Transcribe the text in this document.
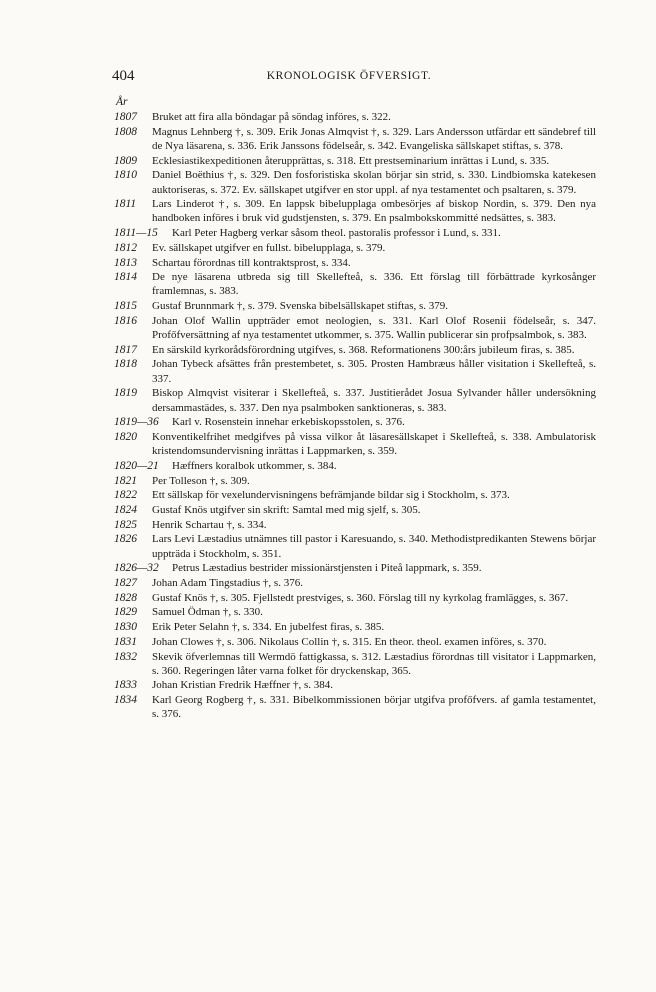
404	KRONOLOGISK ÖFVERSIGT.
År
1807 Bruket att fira alla böndagar på söndag införes, s. 322.
1808 Magnus Lehnberg †, s. 309. Erik Jonas Almqvist †, s. 329. Lars Andersson utfärdar ett sändebref till de Nya läsarena, s. 336. Erik Janssons födelseår, s. 342. Evangeliska sällskapet stiftas, s. 378.
1809 Ecklesiastikexpeditionen återupprättas, s. 318. Ett prestseminarium inrättas i Lund, s. 335.
1810 Daniel Boëthius †, s. 329. Den fosforistiska skolan börjar sin strid, s. 330. Lindbiomska katekesen auktoriseras, s. 372. Ev. sällskapet utgifver en stor uppl. af nya testamentet och psaltaren, s. 379.
1811 Lars Linderot †, s. 309. En lappsk bibelupplaga ombesörjes af biskop Nordin, s. 379. Den nya handboken införes i bruk vid gudstjensten, s. 379. En psalmbokskommitté nedsättes, s. 383.
1811—15 Karl Peter Hagberg verkar såsom theol. pastoralis professor i Lund, s. 331.
1812 Ev. sällskapet utgifver en fullst. bibelupplaga, s. 379.
1813 Schartau förordnas till kontraktsprost, s. 334.
1814 De nye läsarena utbreda sig till Skellefteå, s. 336. Ett förslag till förbättrade kyrkosånger framlemnas, s. 383.
1815 Gustaf Brunnmark †, s. 379. Svenska bibelsällskapet stiftas, s. 379.
1816 Johan Olof Wallin uppträder emot neologien, s. 331. Karl Olof Rosenii födelseår, s. 347. Profőfversättning af nya testamentet utkommer, s. 375. Wallin publicerar sin profpsalmbok, s. 383.
1817 En särskild kyrkorådsförordning utgifves, s. 368. Reformationens 300:års jubileum firas, s. 385.
1818 Johan Tybeck afsättes från prestembetet, s. 305. Prosten Hambræus håller visitation i Skellefteå, s. 337.
1819 Biskop Almqvist visiterar i Skellefteå, s. 337. Justitierådet Josua Sylvander håller undersökning dersammastädes, s. 337. Den nya psalmboken sanktioneras, s. 383.
1819—36 Karl v. Rosenstein innehar erkebiskopsstolen, s. 376.
1820 Konventikelfrihet medgifves på vissa vilkor åt läsaresällskapet i Skellefteå, s. 338. Ambulatorisk kristendomsundervisning inrättas i Lappmarken, s. 359.
1820—21 Hæffners koralbok utkommer, s. 384.
1821 Per Tolleson †, s. 309.
1822 Ett sällskap för vexelundervisningens befrämjande bildar sig i Stockholm, s. 373.
1824 Gustaf Knös utgifver sin skrift: Samtal med mig sjelf, s. 305.
1825 Henrik Schartau †, s. 334.
1826 Lars Levi Læstadius utnämnes till pastor i Karesuando, s. 340. Methodistpredikanten Stewens börjar uppträda i Stockholm, s. 351.
1826—32 Petrus Læstadius bestrider missionärstjensten i Piteå lappmark, s. 359.
1827 Johan Adam Tingstadius †, s. 376.
1828 Gustaf Knös †, s. 305. Fjellstedt prestviges, s. 360. Förslag till ny kyrkolag framlägges, s. 367.
1829 Samuel Ödman †, s. 330.
1830 Erik Peter Selahn †, s. 334. En jubelfest firas, s. 385.
1831 Johan Clowes †, s. 306. Nikolaus Collin †, s. 315. En theor. theol. examen införes, s. 370.
1832 Skevik öfverlemnas till Wermdö fattigkassa, s. 312. Læstadius förordnas till visitator i Lappmarken, s. 360. Regeringen låter varna folket för dryckenskap, 365.
1833 Johan Kristian Fredrik Hæffner †, s. 384.
1834 Karl Georg Rogberg †, s. 331. Bibelkommissionen börjar utgifva profőfvers. af gamla testamentet, s. 376.
